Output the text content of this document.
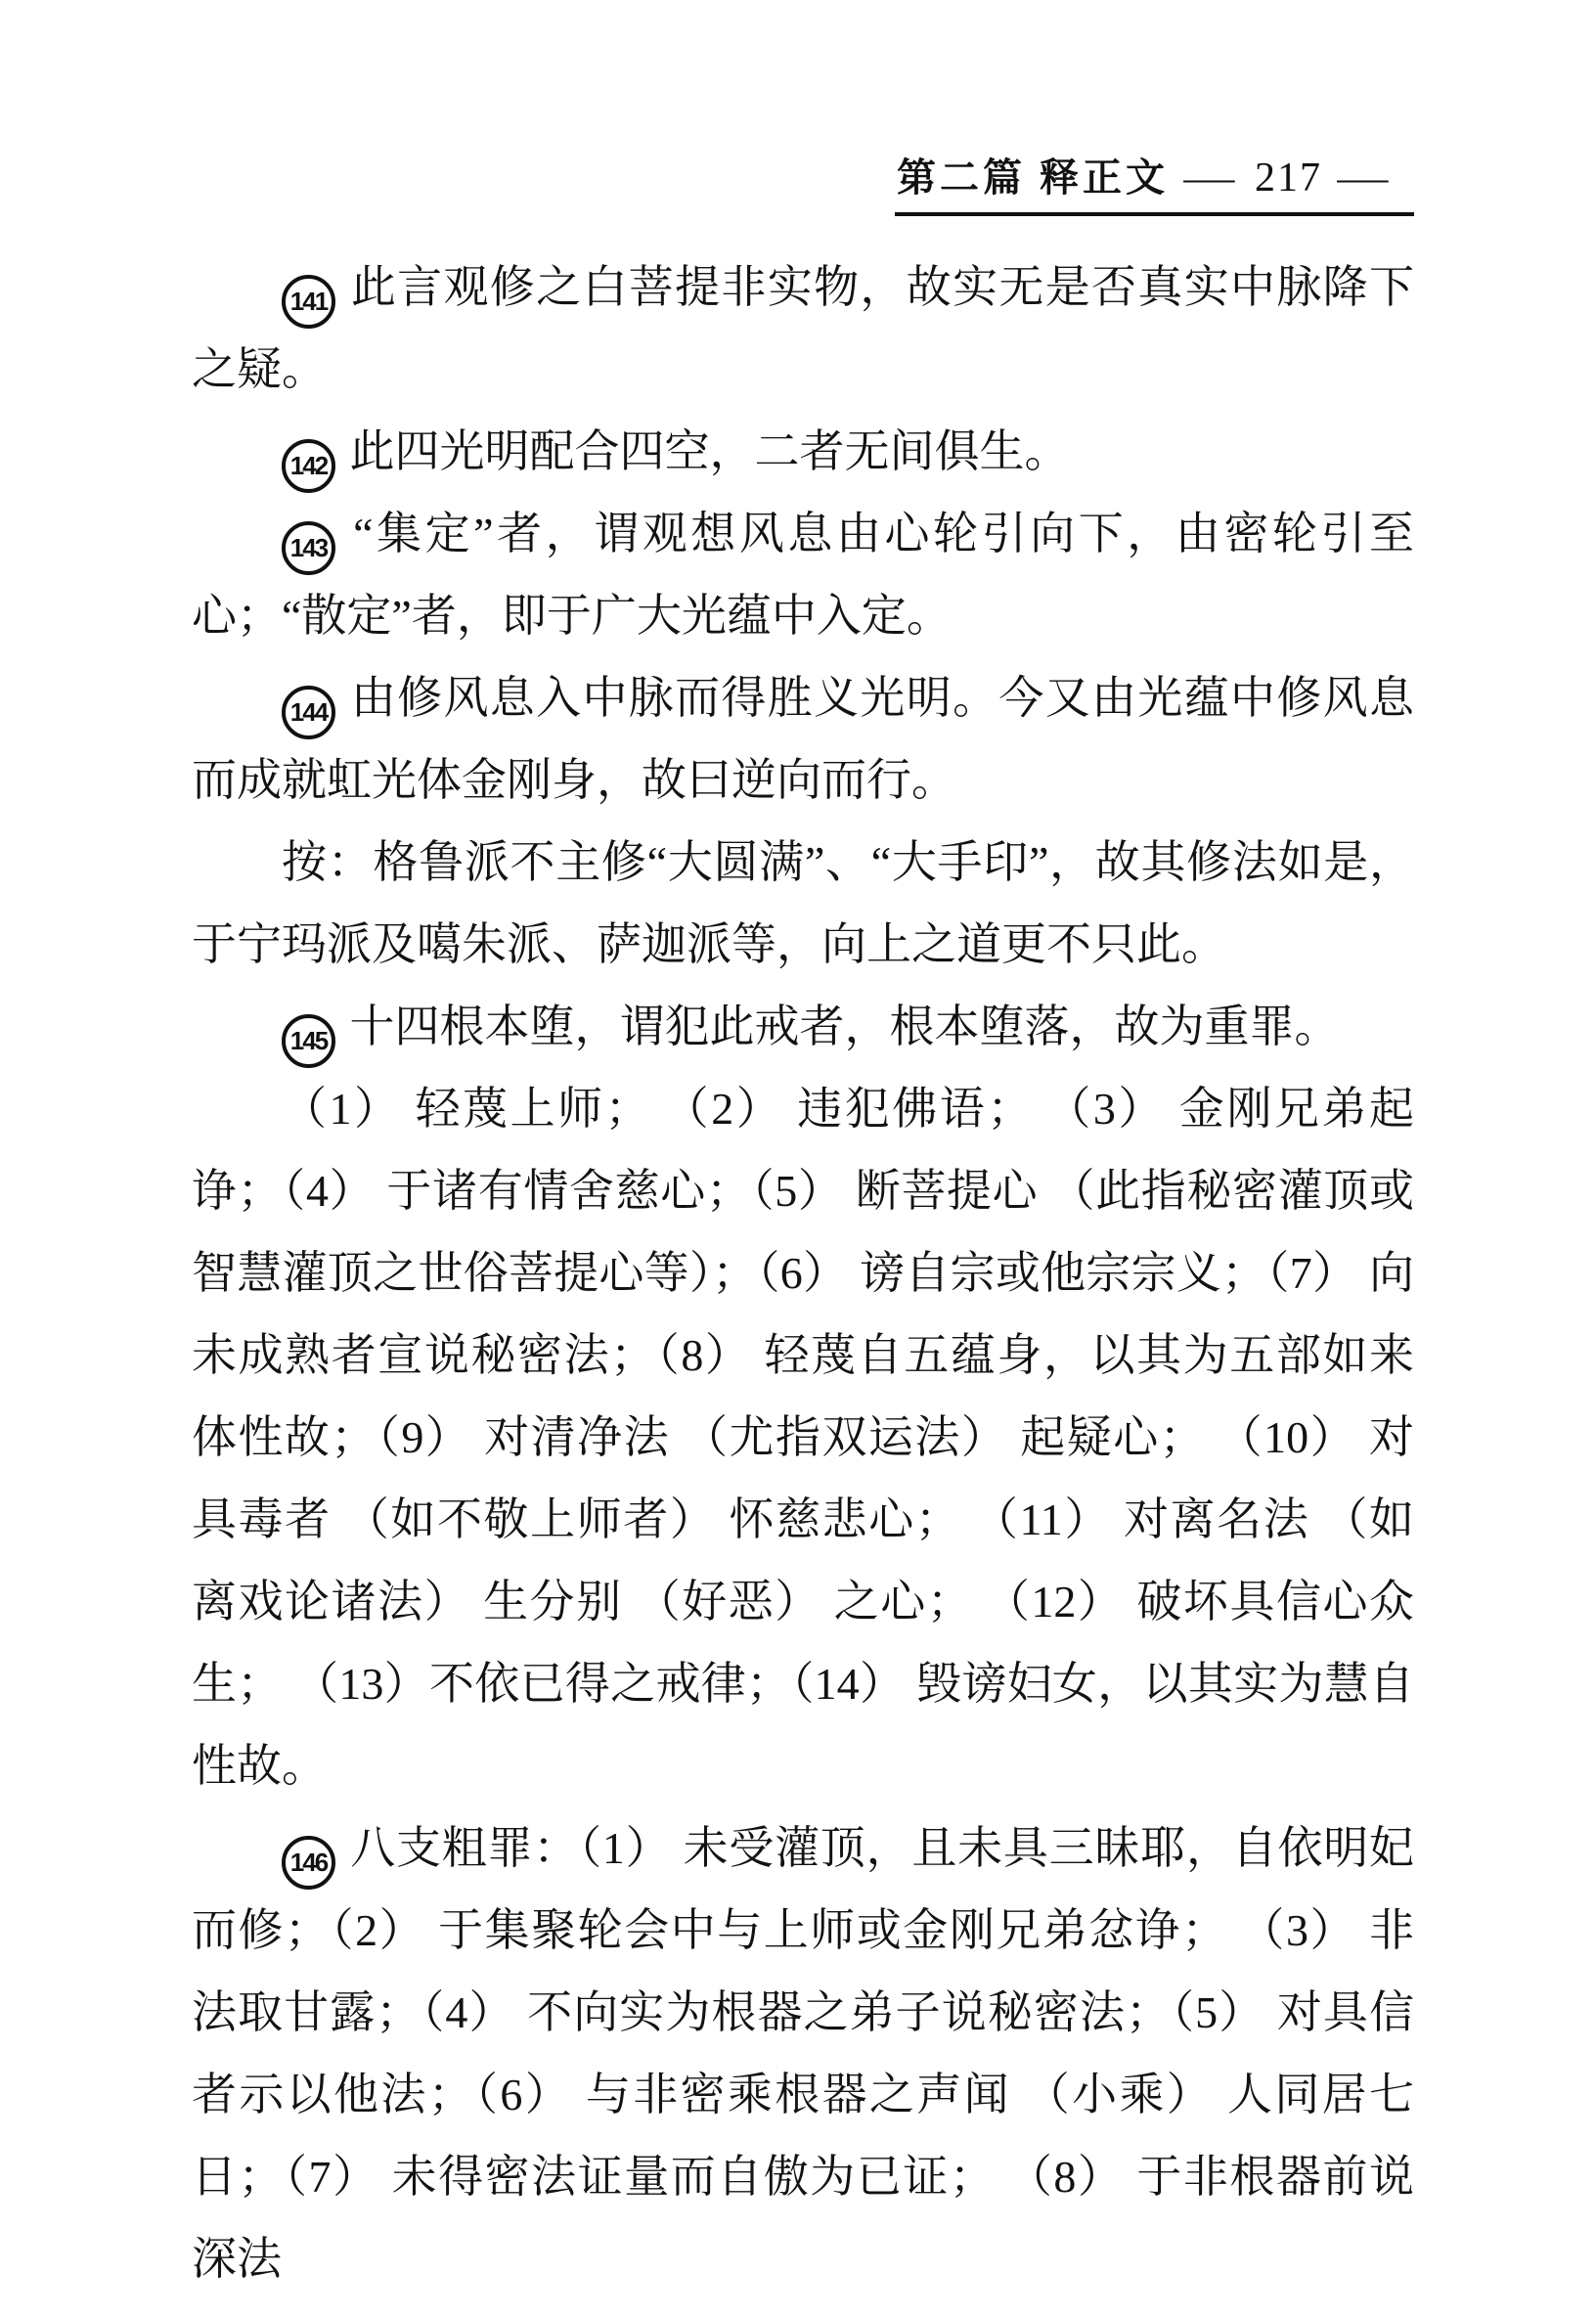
第二篇 释正文 — 217 —

141 此言观修之白菩提非实物，故实无是否真实中脉降下之疑。

142 此四光明配合四空，二者无间俱生。

143 “集定”者，谓观想风息由心轮引向下，由密轮引至心；“散定”者，即于广大光蕴中入定。

144 由修风息入中脉而得胜义光明。今又由光蕴中修风息而成就虹光体金刚身，故曰逆向而行。

按：格鲁派不主修“大圆满”、“大手印”，故其修法如是，于宁玛派及噶朱派、萨迦派等，向上之道更不只此。

145 十四根本堕，谓犯此戒者，根本堕落，故为重罪。

（1） 轻蔑上师； （2） 违犯佛语； （3） 金刚兄弟起诤；（4） 于诸有情舍慈心；（5） 断菩提心 （此指秘密灌顶或智慧灌顶之世俗菩提心等）；（6） 谤自宗或他宗宗义；（7） 向未成熟者宣说秘密法；（8） 轻蔑自五蕴身，以其为五部如来体性故；（9） 对清净法 （尤指双运法） 起疑心； （10） 对具毒者 （如不敬上师者） 怀慈悲心； （11） 对离名法 （如离戏论诸法） 生分别 （好恶） 之心； （12） 破坏具信心众生； （13）不依已得之戒律；（14） 毁谤妇女，以其实为慧自性故。

146 八支粗罪：（1） 未受灌顶，且未具三昧耶，自依明妃而修；（2） 于集聚轮会中与上师或金刚兄弟忿诤； （3） 非法取甘露；（4） 不向实为根器之弟子说秘密法；（5） 对具信者示以他法；（6） 与非密乘根器之声闻 （小乘） 人同居七日；（7） 未得密法证量而自傲为已证； （8） 于非根器前说深法
